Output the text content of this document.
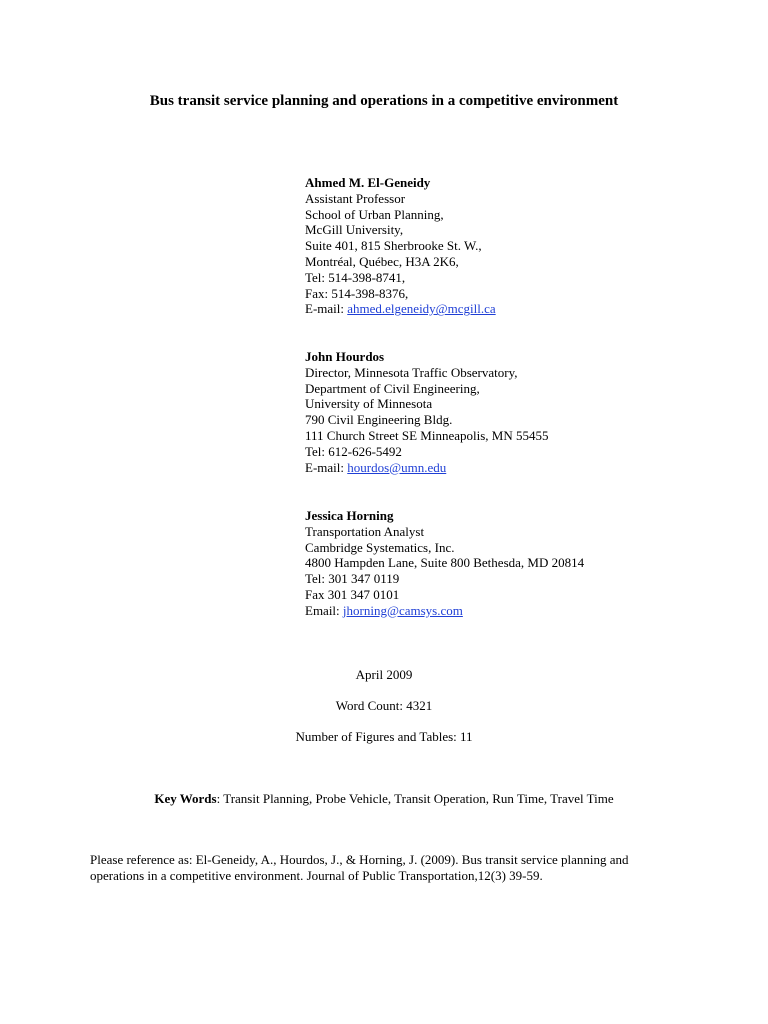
Bus transit service planning and operations in a competitive environment
Ahmed M. El-Geneidy
Assistant Professor
School of Urban Planning,
McGill University,
Suite 401, 815 Sherbrooke St. W.,
Montréal, Québec, H3A 2K6,
Tel: 514-398-8741,
Fax: 514-398-8376,
E-mail: ahmed.elgeneidy@mcgill.ca
John Hourdos
Director, Minnesota Traffic Observatory,
Department of Civil Engineering,
University of Minnesota
790 Civil Engineering Bldg.
111 Church Street SE Minneapolis, MN 55455
Tel: 612-626-5492
E-mail: hourdos@umn.edu
Jessica Horning
Transportation Analyst
Cambridge Systematics, Inc.
4800 Hampden Lane, Suite 800 Bethesda, MD 20814
Tel: 301 347 0119
Fax 301 347 0101
Email: jhorning@camsys.com
April 2009
Word Count: 4321
Number of Figures and Tables: 11
Key Words: Transit Planning, Probe Vehicle, Transit Operation, Run Time, Travel Time
Please reference as: El-Geneidy, A., Hourdos, J., & Horning, J. (2009). Bus transit service planning and
operations in a competitive environment. Journal of Public Transportation,12(3) 39-59.
